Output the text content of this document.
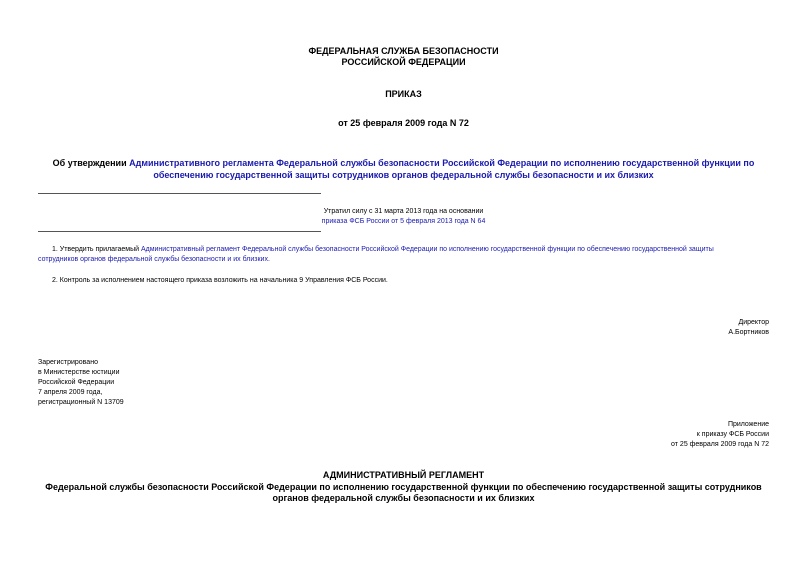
ФЕДЕРАЛЬНАЯ СЛУЖБА БЕЗОПАСНОСТИ
РОССИЙСКОЙ ФЕДЕРАЦИИ
ПРИКАЗ
от 25 февраля 2009 года N 72
Об утверждении Административного регламента Федеральной службы безопасности Российской Федерации по исполнению государственной функции по
обеспечению государственной защиты сотрудников органов федеральной службы безопасности и их близких
Утратил силу с 31 марта 2013 года на основании
приказа ФСБ России от 5 февраля 2013 года N 64
1. Утвердить прилагаемый Административный регламент Федеральной службы безопасности Российской Федерации по исполнению государственной функции по обеспечению государственной защиты
сотрудников органов федеральной службы безопасности и их близких.
2. Контроль за исполнением настоящего приказа возложить на начальника 9 Управления ФСБ России.
Директор
А.Бортников
Зарегистрировано
в Министерстве юстиции
Российской Федерации
7 апреля 2009 года,
регистрационный N 13709
Приложение
к приказу ФСБ России
от 25 февраля 2009 года N 72
АДМИНИСТРАТИВНЫЙ РЕГЛАМЕНТ
Федеральной службы безопасности Российской Федерации по исполнению государственной функции по обеспечению государственной защиты сотрудников
органов федеральной службы безопасности и их близких
